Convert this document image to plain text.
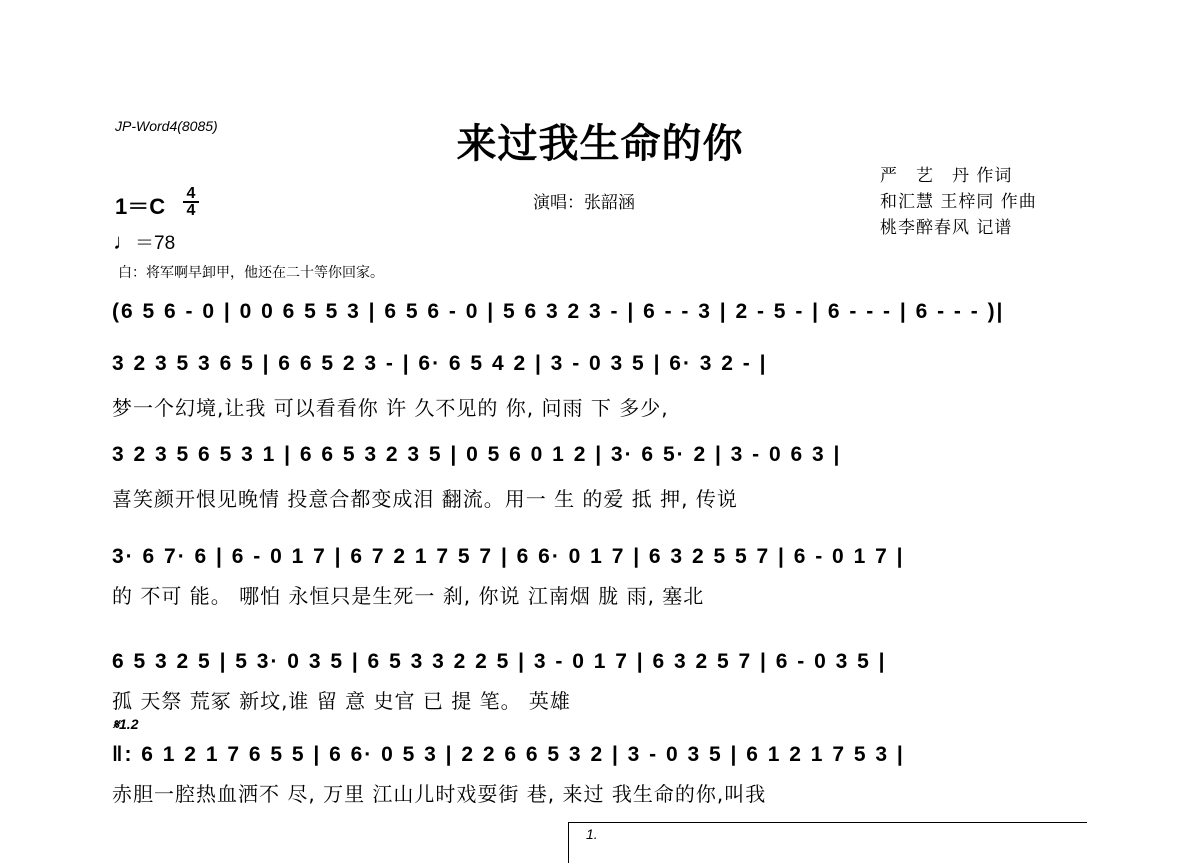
JP-Word4(8085)	来过我生命的你
严　艺　丹 作词
和汇慧 王梓同 作曲
桃李醉春风 记谱
演唱：张韶涵
1＝C
4
4
♩＝78
白：将军啊早卸甲，他还在二十等你回家。
(6 5 6 - 0 | 0 0 6 5 5 3 | 6 5 6 - 0 | 5 6 3 2 3 - | 6 - - 3 | 2 - 5 - | 6 - - - | 6 - - - )|
3 2 3 5 3 6 5 | 6 6 5 2 3 - | 6· 6 5 4 2 | 3 - 0 3 5 | 6· 3 2 - |
梦一个幻境,让我 可以看看你 许 久不见的 你, 问雨 下 多少,
3 2 3 5 6 5 3 1 | 6 6 5 3 2 3 5 | 0 5 6 0 1 2 | 3· 6 5· 2 | 3 - 0 6 3 |
喜笑颜开恨见晚情 投意合都变成泪 翻流。用一 生 的爱 抵 押, 传说
3· 6 7· 6 | 6 - 0 1 7 | 6 7 2 1 7 5 7 | 6 6· 0 1 7 | 6 3 2 5 5 7 | 6 - 0 1 7 |
的 不可 能。 哪怕 永恒只是生死一 刹, 你说 江南烟 胧 雨, 塞北
6 5 3 2 5 | 5 3· 0 3 5 | 6 5 3 3 2 2 5 | 3 - 0 1 7 | 6 3 2 5 7 | 6 - 0 3 5 |
孤 天祭 荒冢 新坟,谁 留 意 史官 已 提 笔。 英雄
𝄋1.2
‖: 6 1 2 1 7 6 5 5 | 6 6· 0 5 3 | 2 2 6 6 5 3 2 | 3 - 0 3 5 | 6 1 2 1 7 5 3 |
赤胆一腔热血洒不 尽, 万里 江山儿时戏耍街 巷, 来过 我生命的你,叫我
1.
